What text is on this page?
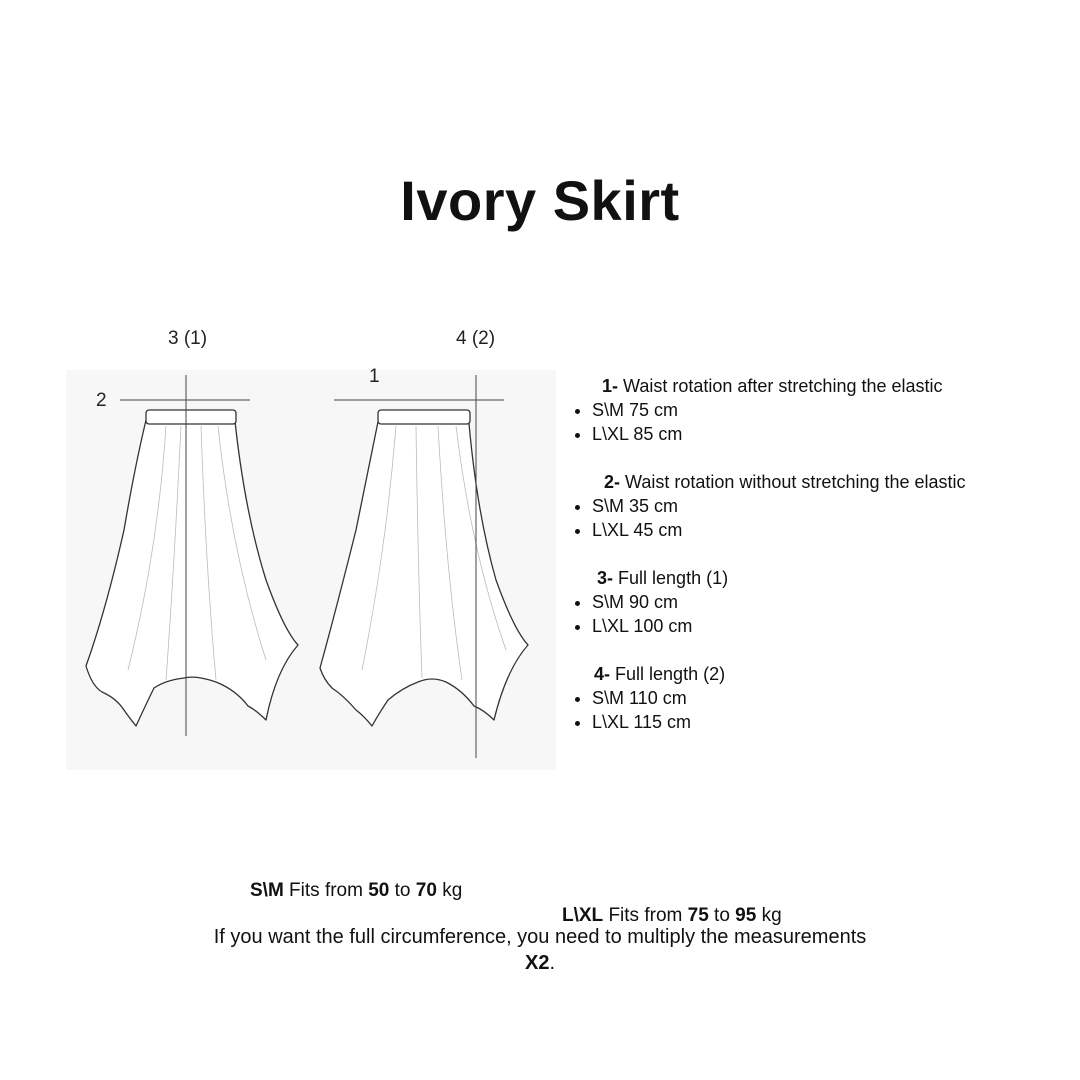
Ivory Skirt
3 (1)	4 (2)
2
1	1- Waist rotation after stretching the elastic

• S\M 75 cm
• L\XL 85 cm

2- Waist rotation without stretching the elastic

• S\M 35 cm
• L\XL 45 cm

3- Full length (1)

• S\M 90 cm
• L\XL 100 cm

4- Full length (2)

• S\M 110 cm
• L\XL 115 cm
S\M Fits from 50 to 70 kg
L\XL Fits from 75 to 95 kg

If you want the full circumference, you need to multiply the measurements X2.
